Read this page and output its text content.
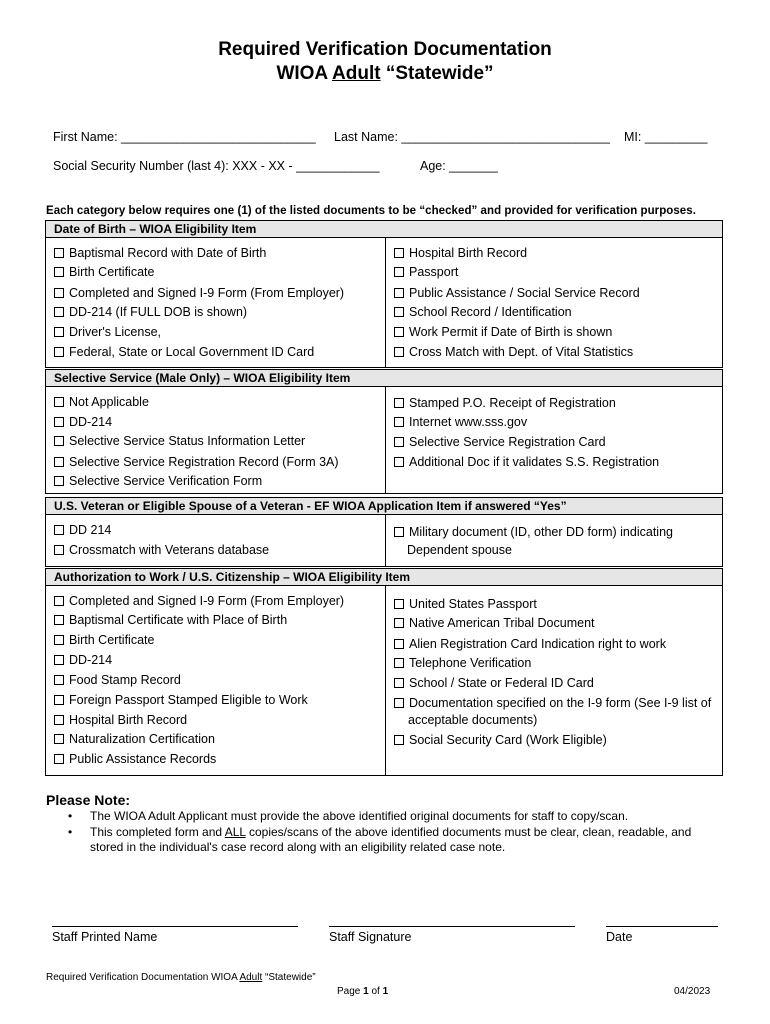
Required Verification Documentation
WIOA Adult “Statewide”
First Name: ____________________________ Last Name: ______________________________ MI: _________
Social Security Number (last 4): XXX - XX - ____________	Age: _______
Each category below requires one (1) of the listed documents to be “checked” and provided for verification purposes.
Date of Birth – WIOA Eligibility Item
Baptismal Record with Date of Birth
Birth Certificate
Completed and Signed I-9 Form (From Employer)
DD-214 (If FULL DOB is shown)
Driver's License,
Federal, State or Local Government ID Card
Hospital Birth Record
Passport
Public Assistance / Social Service Record
School Record / Identification
Work Permit if Date of Birth is shown
Cross Match with Dept. of Vital Statistics
Selective Service (Male Only) – WIOA Eligibility Item
Not Applicable
DD-214
Selective Service Status Information Letter
Selective Service Registration Record (Form 3A)
Selective Service Verification Form
Stamped P.O. Receipt of Registration
Internet www.sss.gov
Selective Service Registration Card
Additional Doc if it validates S.S. Registration
U.S. Veteran or Eligible Spouse of a Veteran - EF WIOA Application Item if answered “Yes”
DD 214
Crossmatch with Veterans database
Military document (ID, other DD form) indicating
Dependent spouse
Authorization to Work / U.S. Citizenship – WIOA Eligibility Item
Completed and Signed I-9 Form (From Employer)
Baptismal Certificate with Place of Birth
Birth Certificate
DD-214
Food Stamp Record
Foreign Passport Stamped Eligible to Work
Hospital Birth Record
Naturalization Certification
Public Assistance Records
United States Passport
Native American Tribal Document
Alien Registration Card Indication right to work
Telephone Verification
School / State or Federal ID Card
Documentation specified on the I-9 form (See I-9 list of
acceptable documents)
Social Security Card (Work Eligible)
Please Note:
• The WIOA Adult Applicant must provide the above identified original documents for staff to copy/scan.
• This completed form and ALL copies/scans of the above identified documents must be clear, clean, readable, and
stored in the individual's case record along with an eligibility related case note.
Staff Printed Name	Staff Signature	Date
Required Verification Documentation WIOA Adult “Statewide”
Page 1 of 1	04/2023
